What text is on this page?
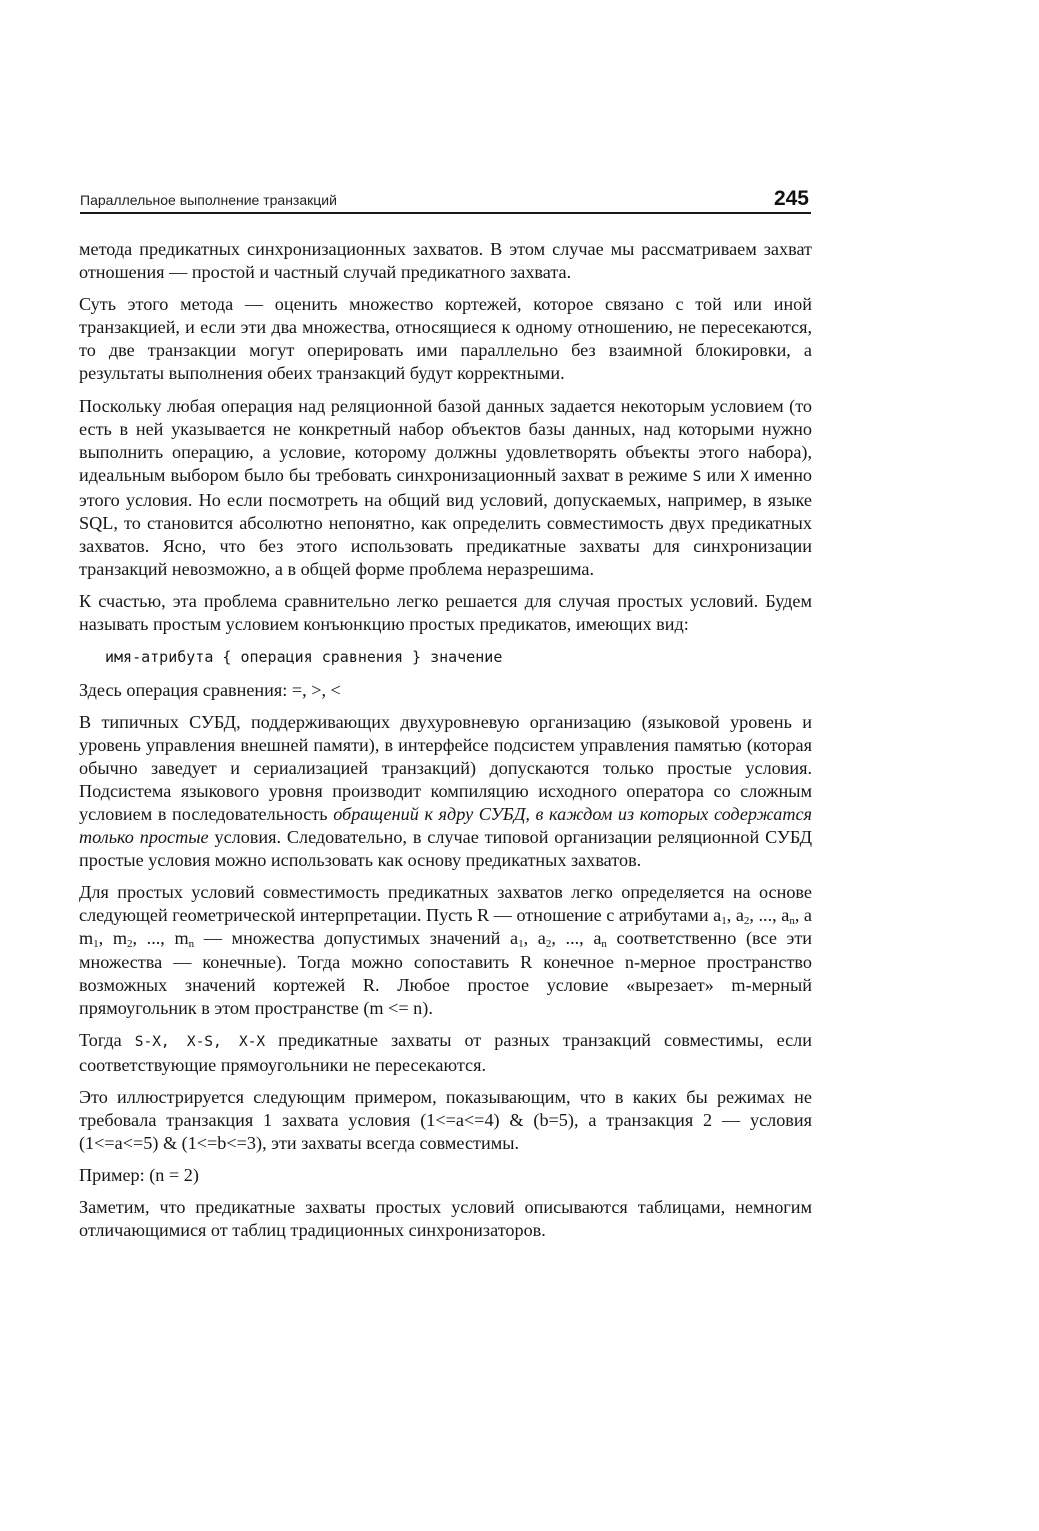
Параллельное выполнение транзакций	245

метода предикатных синхронизационных захватов. В этом случае мы рассматриваем захват отношения — простой и частный случай предикатного захвата.

Суть этого метода — оценить множество кортежей, которое связано с той или иной транзакцией, и если эти два множества, относящиеся к одному отношению, не пересекаются, то две транзакции могут оперировать ими параллельно без взаимной блокировки, а результаты выполнения обеих транзакций будут корректными.

Поскольку любая операция над реляционной базой данных задается некоторым условием (то есть в ней указывается не конкретный набор объектов базы данных, над которыми нужно выполнить операцию, а условие, которому должны удовлетворять объекты этого набора), идеальным выбором было бы требовать синхронизационный захват в режиме S или X именно этого условия. Но если посмотреть на общий вид условий, допускаемых, например, в языке SQL, то становится абсолютно непонятно, как определить совместимость двух предикатных захватов. Ясно, что без этого использовать предикатные захваты для синхронизации транзакций невозможно, а в общей форме проблема неразрешима.

К счастью, эта проблема сравнительно легко решается для случая простых условий. Будем называть простым условием конъюнкцию простых предикатов, имеющих вид:

имя-атрибута { операция сравнения } значение

Здесь операция сравнения: =, >, <

В типичных СУБД, поддерживающих двухуровневую организацию (языковой уровень и уровень управления внешней памяти), в интерфейсе подсистем управления памятью (которая обычно заведует и сериализацией транзакций) допускаются только простые условия. Подсистема языкового уровня производит компиляцию исходного оператора со сложным условием в последовательность обращений к ядру СУБД, в каждом из которых содержатся только простые условия. Следовательно, в случае типовой организации реляционной СУБД простые условия можно использовать как основу предикатных захватов.

Для простых условий совместимость предикатных захватов легко определяется на основе следующей геометрической интерпретации. Пусть R — отношение с атрибутами $a_1$, $a_2$, ..., $a_n$, а $m_1$, $m_2$, ..., $m_n$ — множества допустимых значений $a_1$, $a_2$, ..., $a_n$ соответственно (все эти множества — конечные). Тогда можно сопоставить R конечное n-мерное пространство возможных значений кортежей R. Любое простое условие «вырезает» m-мерный прямоугольник в этом пространстве (m <= n).

Тогда S-X, X-S, X-X предикатные захваты от разных транзакций совместимы, если соответствующие прямоугольники не пересекаются.

Это иллюстрируется следующим примером, показывающим, что в каких бы режимах не требовала транзакция 1 захвата условия (1<=a<=4) & (b=5), а транзакция 2 — условия (1<=a<=5) & (1<=b<=3), эти захваты всегда совместимы.

Пример: (n = 2)

Заметим, что предикатные захваты простых условий описываются таблицами, немногим отличающимися от таблиц традиционных синхронизаторов.
